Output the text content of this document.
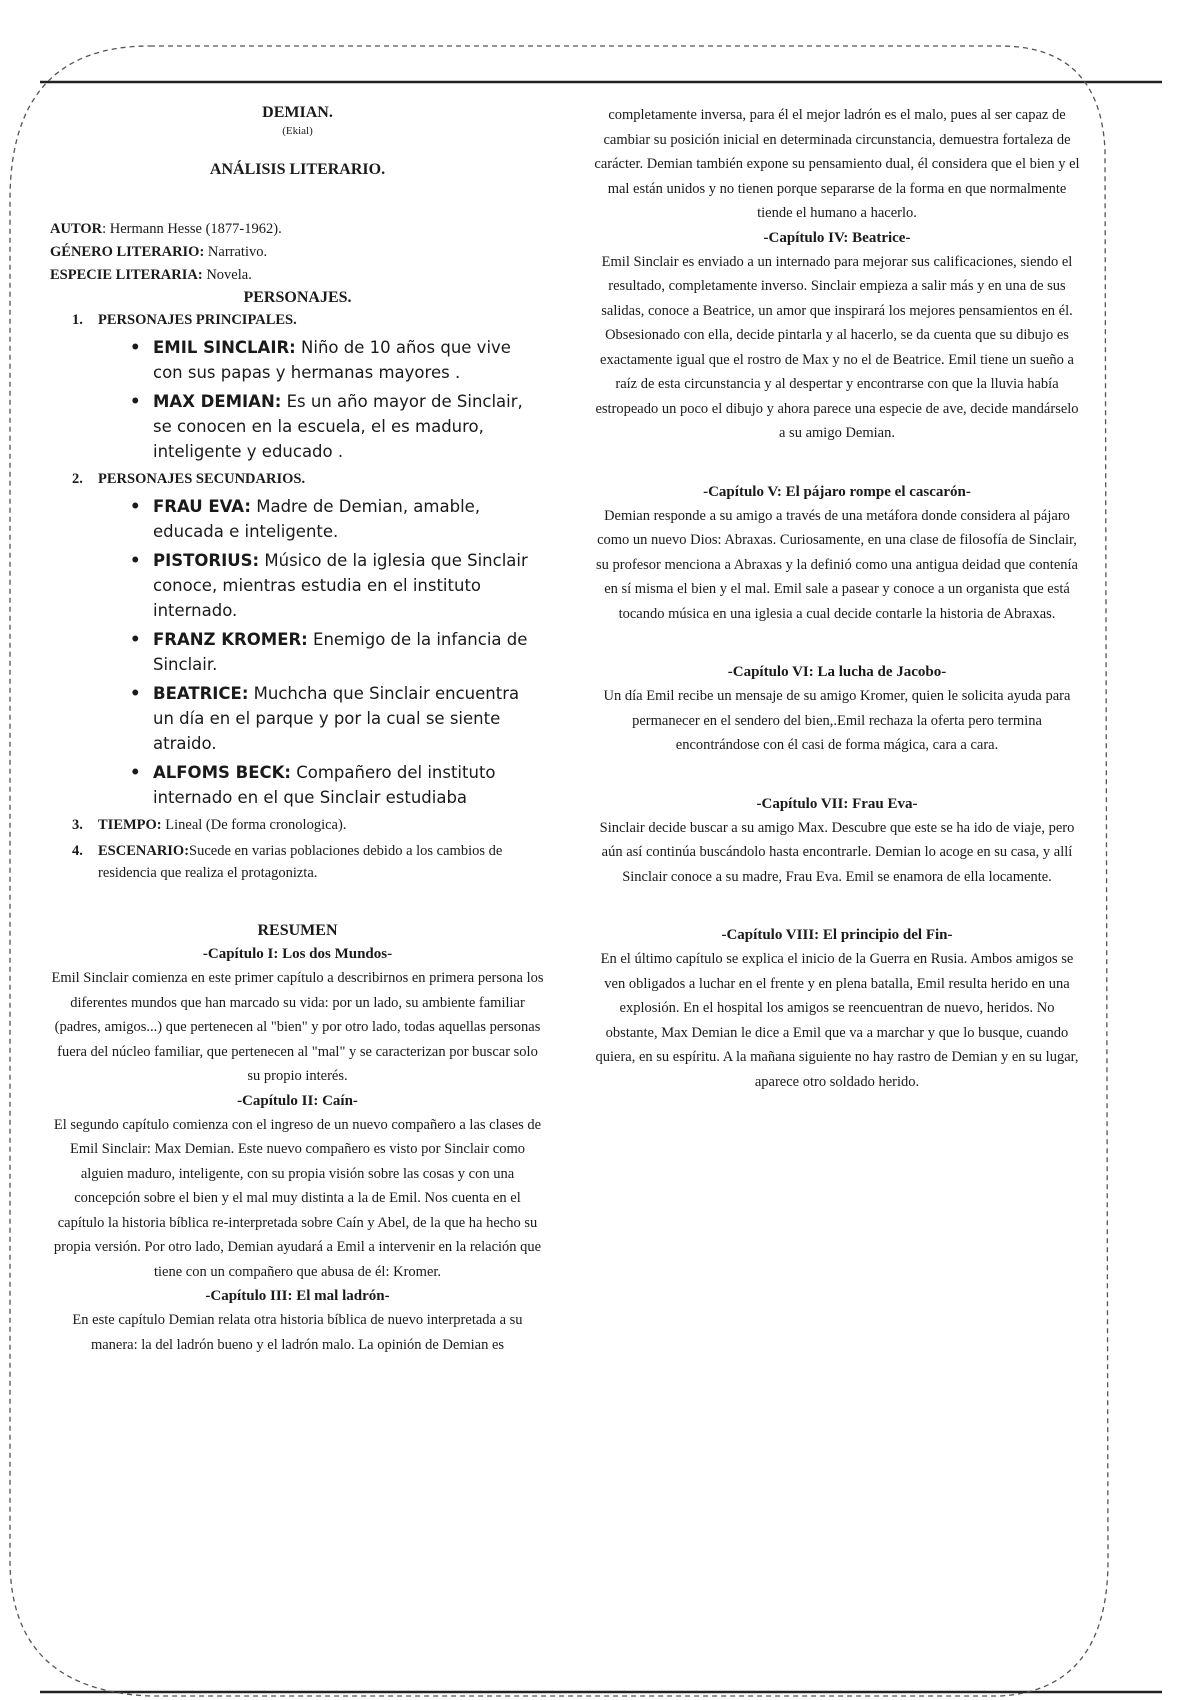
DEMIAN.

(Ekial)

ANÁLISIS LITERARIO.

AUTOR: Hermann Hesse (1877-1962).

GÉNERO LITERARIO: Narrativo.

ESPECIE LITERARIA: Novela.

PERSONAJES.

1. PERSONAJES PRINCIPALES.
• EMIL SINCLAIR: Niño de 10 años que vive con sus papas y hermanas mayores .
• MAX DEMIAN: Es un año mayor de Sinclair, se conocen en la escuela, el es maduro, inteligente y educado .
2. PERSONAJES SECUNDARIOS.
• FRAU EVA: Madre de Demian, amable, educada e inteligente.
• PISTORIUS: Músico de la iglesia que Sinclair conoce, mientras estudia en el instituto internado.
• FRANZ KROMER: Enemigo de la infancia de Sinclair.
• BEATRICE: Muchcha que Sinclair encuentra un día en el parque y por la cual se siente atraido.
• ALFOMS BECK: Compañero del instituto internado en el que Sinclair estudiaba
3. TIEMPO: Lineal (De forma cronologica).
4. ESCENARIO:Sucede en varias poblaciones debido a los cambios de residencia que realiza el protagonizta.

RESUMEN

-Capítulo I: Los dos Mundos-

Emil Sinclair comienza en este primer capítulo a describirnos en primera persona los diferentes mundos que han marcado su vida: por un lado, su ambiente familiar (padres, amigos...) que pertenecen al "bien" y por otro lado, todas aquellas personas fuera del núcleo familiar, que pertenecen al "mal" y se caracterizan por buscar solo su propio interés.

-Capítulo II: Caín-

El segundo capítulo comienza con el ingreso de un nuevo compañero a las clases de Emil Sinclair: Max Demian. Este nuevo compañero es visto por Sinclair como alguien maduro, inteligente, con su propia visión sobre las cosas y con una concepción sobre el bien y el mal muy distinta a la de Emil. Nos cuenta en el capítulo la historia bíblica re-interpretada sobre Caín y Abel, de la que ha hecho su propia versión. Por otro lado, Demian ayudará a Emil a intervenir en la relación que tiene con un compañero que abusa de él: Kromer.

-Capítulo III: El mal ladrón-

En este capítulo Demian relata otra historia bíblica de nuevo interpretada a su manera: la del ladrón bueno y el ladrón malo. La opinión de Demian es

completamente inversa, para él el mejor ladrón es el malo, pues al ser capaz de cambiar su posición inicial en determinada circunstancia, demuestra fortaleza de carácter. Demian también expone su pensamiento dual, él considera que el bien y el mal están unidos y no tienen porque separarse de la forma en que normalmente tiende el humano a hacerlo.

-Capítulo IV: Beatrice-

Emil Sinclair es enviado a un internado para mejorar sus calificaciones, siendo el resultado, completamente inverso. Sinclair empieza a salir más y en una de sus salidas, conoce a Beatrice, un amor que inspirará los mejores pensamientos en él. Obsesionado con ella, decide pintarla y al hacerlo, se da cuenta que su dibujo es exactamente igual que el rostro de Max y no el de Beatrice. Emil tiene un sueño a raíz de esta circunstancia y al despertar y encontrarse con que la lluvia había estropeado un poco el dibujo y ahora parece una especie de ave, decide mandárselo a su amigo Demian.

-Capítulo V: El pájaro rompe el cascarón-

Demian responde a su amigo a través de una metáfora donde considera al pájaro como un nuevo Dios: Abraxas. Curiosamente, en una clase de filosofía de Sinclair, su profesor menciona a Abraxas y la definió como una antigua deidad que contenía en sí misma el bien y el mal. Emil sale a pasear y conoce a un organista que está tocando música en una iglesia a cual decide contarle la historia de Abraxas.

-Capítulo VI: La lucha de Jacobo-

Un día Emil recibe un mensaje de su amigo Kromer, quien le solicita ayuda para permanecer en el sendero del bien,.Emil rechaza la oferta pero termina encontrándose con él casi de forma mágica, cara a cara.

-Capítulo VII: Frau Eva-

Sinclair decide buscar a su amigo Max. Descubre que este se ha ido de viaje, pero aún así continúa buscándolo hasta encontrarle. Demian lo acoge en su casa, y allí Sinclair conoce a su madre, Frau Eva. Emil se enamora de ella locamente.

-Capítulo VIII: El principio del Fin-

En el último capítulo se explica el inicio de la Guerra en Rusia. Ambos amigos se ven obligados a luchar en el frente y en plena batalla, Emil resulta herido en una explosión. En el hospital los amigos se reencuentran de nuevo, heridos. No obstante, Max Demian le dice a Emil que va a marchar y que lo busque, cuando quiera, en su espíritu. A la mañana siguiente no hay rastro de Demian y en su lugar, aparece otro soldado herido.
